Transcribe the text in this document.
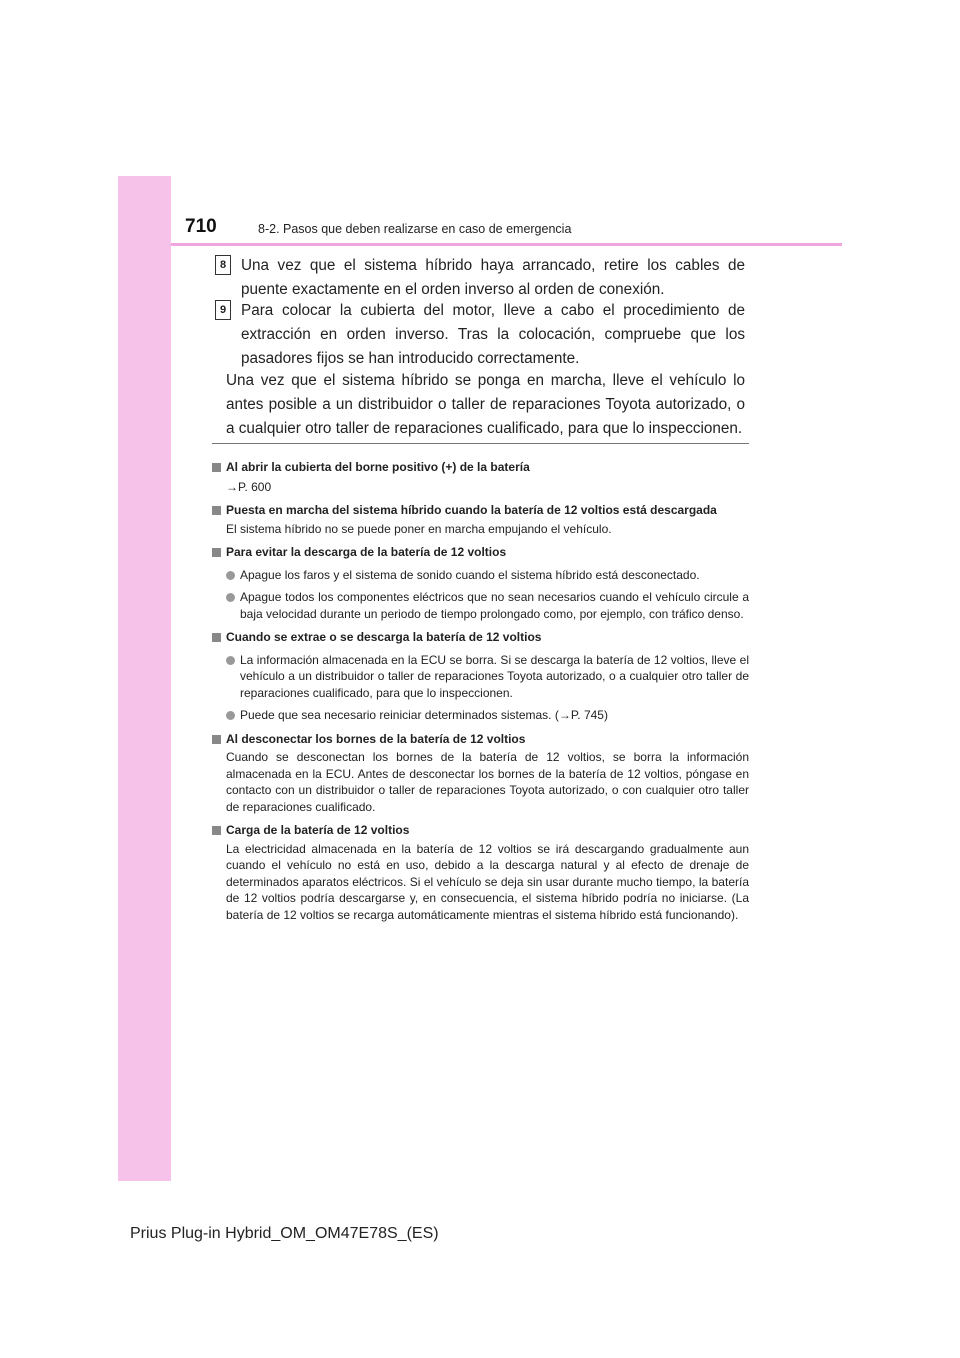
710	8-2. Pasos que deben realizarse en caso de emergencia
8 Una vez que el sistema híbrido haya arrancado, retire los cables de puente exactamente en el orden inverso al orden de conexión.
9 Para colocar la cubierta del motor, lleve a cabo el procedimiento de extracción en orden inverso. Tras la colocación, compruebe que los pasadores fijos se han introducido correctamente.
Una vez que el sistema híbrido se ponga en marcha, lleve el vehículo lo antes posible a un distribuidor o taller de reparaciones Toyota autorizado, o a cualquier otro taller de reparaciones cualificado, para que lo inspeccionen.
Al abrir la cubierta del borne positivo (+) de la batería
→P. 600
Puesta en marcha del sistema híbrido cuando la batería de 12 voltios está descargada
El sistema híbrido no se puede poner en marcha empujando el vehículo.
Para evitar la descarga de la batería de 12 voltios
Apague los faros y el sistema de sonido cuando el sistema híbrido está desconectado.
Apague todos los componentes eléctricos que no sean necesarios cuando el vehículo circule a baja velocidad durante un periodo de tiempo prolongado como, por ejemplo, con tráfico denso.
Cuando se extrae o se descarga la batería de 12 voltios
La información almacenada en la ECU se borra. Si se descarga la batería de 12 voltios, lleve el vehículo a un distribuidor o taller de reparaciones Toyota autorizado, o a cualquier otro taller de reparaciones cualificado, para que lo inspeccionen.
Puede que sea necesario reiniciar determinados sistemas. (→P. 745)
Al desconectar los bornes de la batería de 12 voltios
Cuando se desconectan los bornes de la batería de 12 voltios, se borra la información almacenada en la ECU. Antes de desconectar los bornes de la batería de 12 voltios, póngase en contacto con un distribuidor o taller de reparaciones Toyota autorizado, o con cualquier otro taller de reparaciones cualificado.
Carga de la batería de 12 voltios
La electricidad almacenada en la batería de 12 voltios se irá descargando gradualmente aun cuando el vehículo no está en uso, debido a la descarga natural y al efecto de drenaje de determinados aparatos eléctricos. Si el vehículo se deja sin usar durante mucho tiempo, la batería de 12 voltios podría descargarse y, en consecuencia, el sistema híbrido podría no iniciarse. (La batería de 12 voltios se recarga automáticamente mientras el sistema híbrido está funcionando).
Prius Plug-in Hybrid_OM_OM47E78S_(ES)
